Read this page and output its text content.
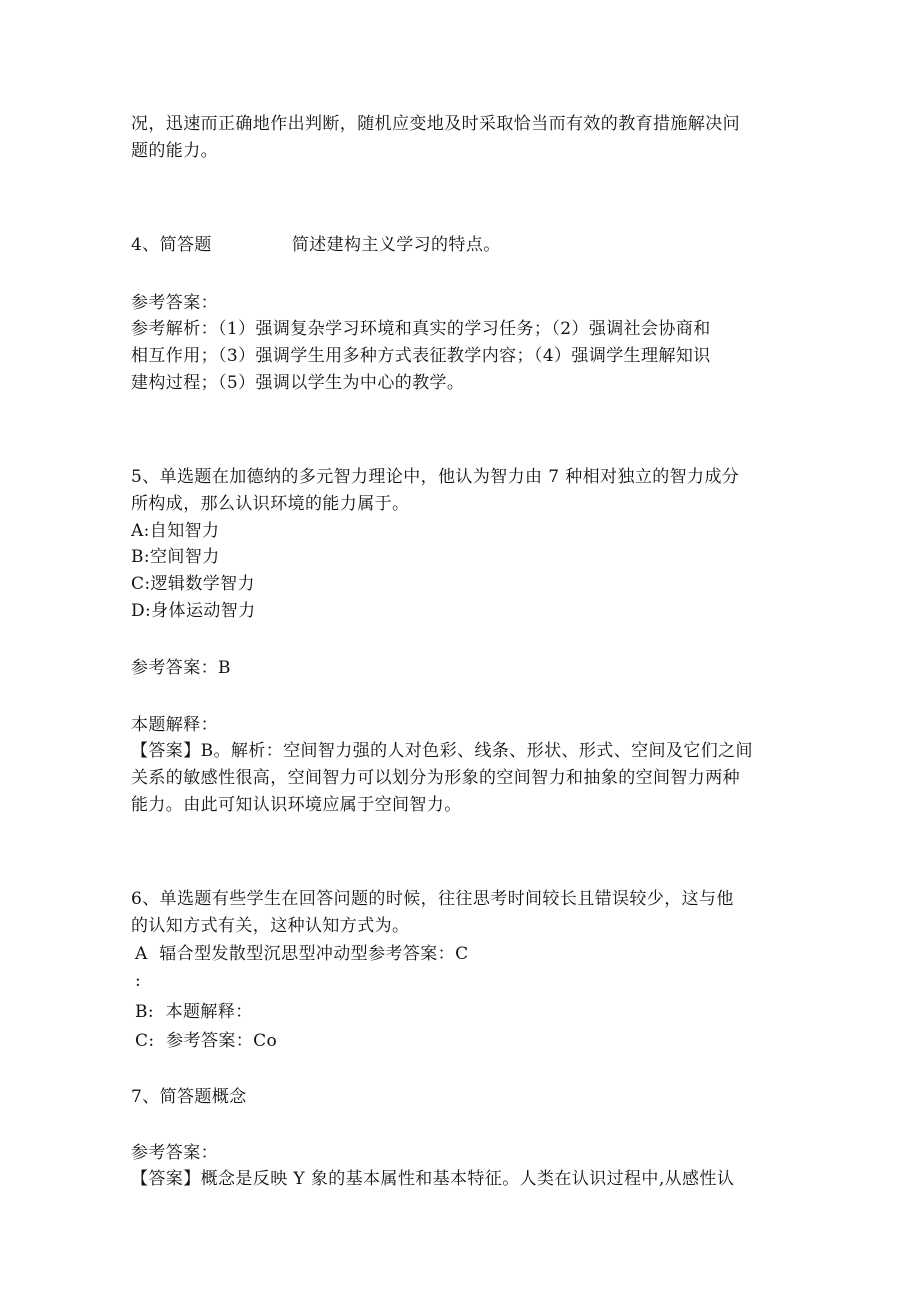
况，迅速而正确地作出判断，随机应变地及时采取恰当而有效的教育措施解决问
题的能力。
4、简答题	简述建构主义学习的特点。
参考答案：
参考解析：（1）强调复杂学习环境和真实的学习任务；（2）强调社会协商和
相互作用；（3）强调学生用多种方式表征教学内容；（4）强调学生理解知识
建构过程；（5）强调以学生为中心的教学。
5、单选题在加德纳的多元智力理论中，他认为智力由 7 种相对独立的智力成分
所构成，那么认识环境的能力属于。
A:自知智力
B:空间智力
C:逻辑数学智力
D:身体运动智力
参考答案：B
本题解释：
【答案】B。解析：空间智力强的人对色彩、线条、形状、形式、空间及它们之间
关系的敏感性很高，空间智力可以划分为形象的空间智力和抽象的空间智力两种
能力。由此可知认识环境应属于空间智力。
6、单选题有些学生在回答问题的时候，往往思考时间较长且错误较少，这与他
的认知方式有关，这种认知方式为。
A  辐合型发散型沉思型冲动型参考答案：C
:
B:  本题解释：
C:  参考答案：Co
7、简答题概念
参考答案：
【答案】概念是反映 Y 象的基本属性和基本特征。人类在认识过程中,从感性认
